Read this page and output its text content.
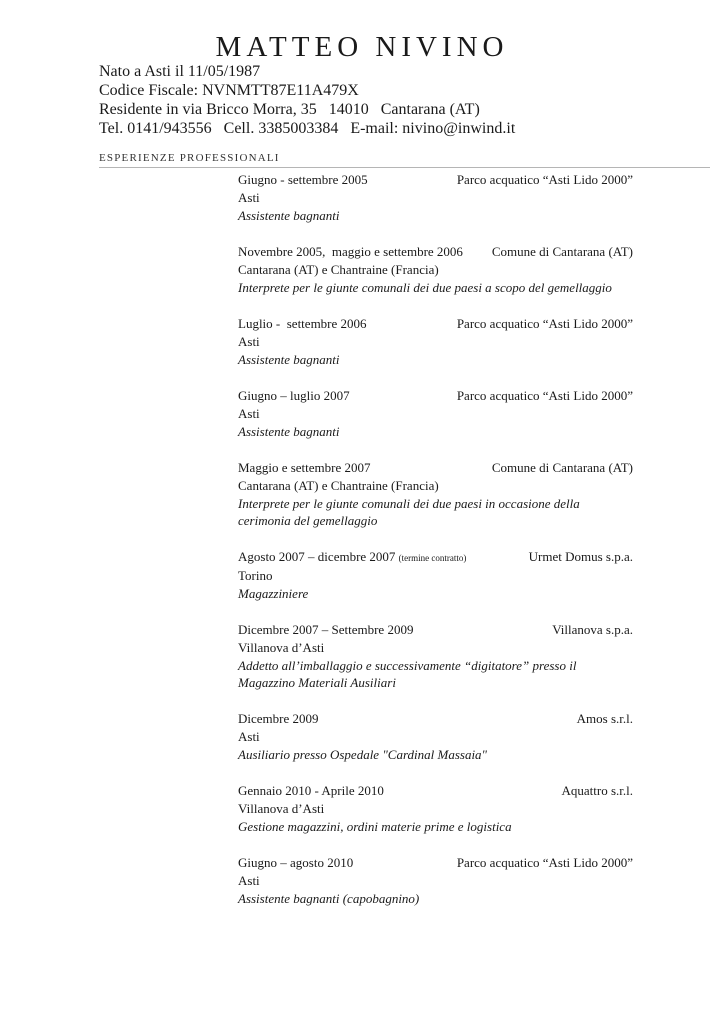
MATTEO NIVINO
Nato a Asti il 11/05/1987
Codice Fiscale: NVNMTT87E11A479X
Residente in via Bricco Morra, 35   14010   Cantarana (AT)
Tel. 0141/943556   Cell. 3385003384   E-mail: nivino@inwind.it
ESPERIENZE PROFESSIONALI
Giugno - settembre 2005	Parco acquatico “Asti Lido 2000”
Asti
Assistente bagnanti
Novembre 2005,  maggio e settembre 2006 Comune di Cantarana (AT)
Cantarana (AT) e Chantraine (Francia)
Interprete per le giunte comunali dei due paesi a scopo del gemellaggio
Luglio -  settembre 2006	Parco acquatico “Asti Lido 2000”
Asti
Assistente bagnanti
Giugno – luglio 2007	Parco acquatico “Asti Lido 2000”
Asti
Assistente bagnanti
Maggio e settembre 2007	Comune di Cantarana (AT)
Cantarana (AT) e Chantraine (Francia)
Interprete per le giunte comunali dei due paesi in occasione della cerimonia del gemellaggio
Agosto 2007 – dicembre 2007 (termine contratto)	Urmet Domus s.p.a.
Torino
Magazziniere
Dicembre 2007 – Settembre 2009	Villanova s.p.a.
Villanova d’Asti
Addetto all’imballaggio e successivamente “digitatore” presso il Magazzino Materiali Ausiliari
Dicembre 2009	Amos s.r.l.
Asti
Ausiliario presso Ospedale "Cardinal Massaia"
Gennaio 2010 - Aprile 2010	Aquattro s.r.l.
Villanova d’Asti
Gestione magazzini, ordini materie prime e logistica
Giugno – agosto 2010	Parco acquatico “Asti Lido 2000”
Asti
Assistente bagnanti (capobagnino)
